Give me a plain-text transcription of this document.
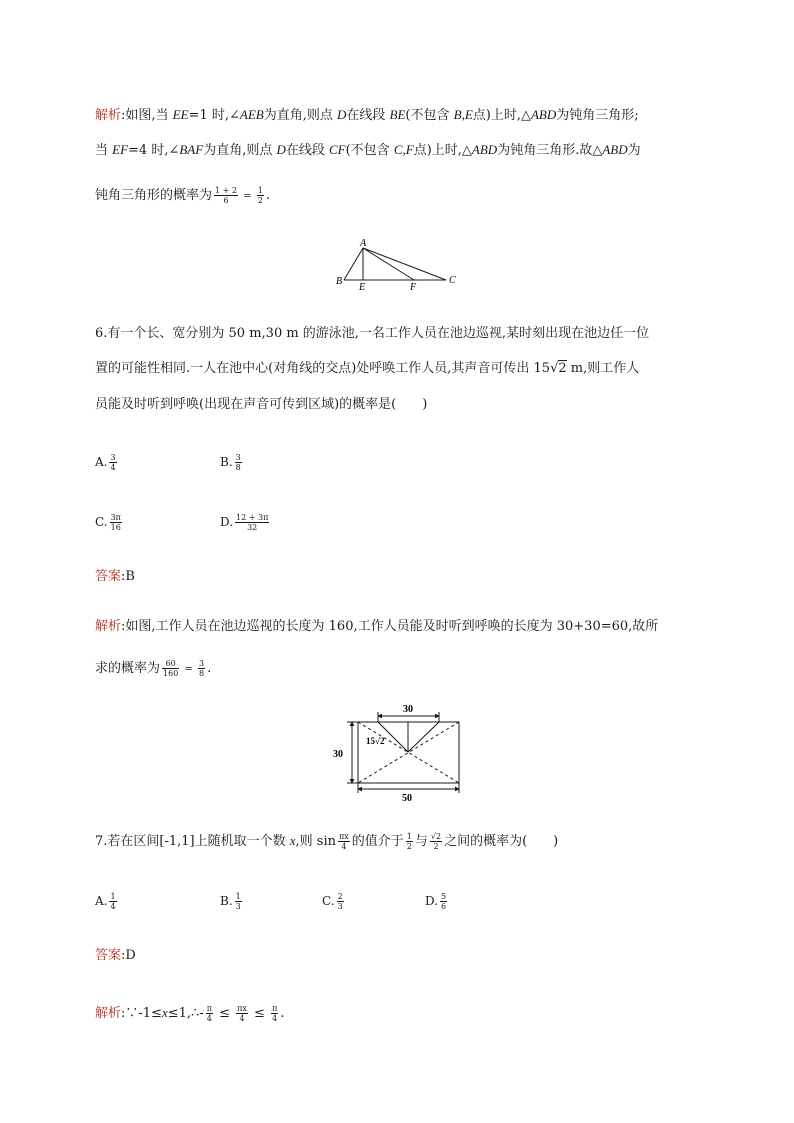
解析:如图,当 EE=1 时,∠AEB为直角,则点 D在线段 BE(不包含 B,E点)上时,△ABD为钝角三角形;
当 EF=4 时,∠BAF为直角,则点 D在线段 CF(不包含 C,F点)上时,△ABD为钝角三角形.故△ABD为
钝角三角形的概率为 $\frac{1 + 2}{6} = \frac{1}{2}$ .
A
B	C
E	F
6.有一个长、宽分别为 50 m,30 m 的游泳池,一名工作人员在池边巡视,某时刻出现在池边任一位
置的可能性相同.一人在池中心(对角线的交点)处呼唤工作人员,其声音可传出 15√2 m,则工作人
员能及时听到呼唤(出现在声音可传到区域)的概率是(　　)
A. $\frac{3}{4}$	B. $\frac{3}{8}$
C. $\frac{3\pi}{16}$	D. $\frac{12 + 3\pi}{32}$
答案:B
解析:如图,工作人员在池边巡视的长度为 160,工作人员能及时听到呼唤的长度为 30+30=60,故所
求的概率为 $\frac{60}{160} = \frac{3}{8}$ .
30
30
50
15√2
7.若在区间[-1,1]上随机取一个数 x,则 $\sin \frac{\pi x}{4}$ 的值介于 $\frac{1}{2}$ 与 $\frac{√2}{2}$ 之间的概率为(　　)
A. $\frac{1}{4}$	B. $\frac{1}{3}$	C. $\frac{2}{3}$	D. $\frac{5}{6}$
答案:D
解析:∵-1≤x≤1,∴- $\frac{\pi}{4} \le \frac{\pi x}{4} \le \frac{\pi}{4}$ .
